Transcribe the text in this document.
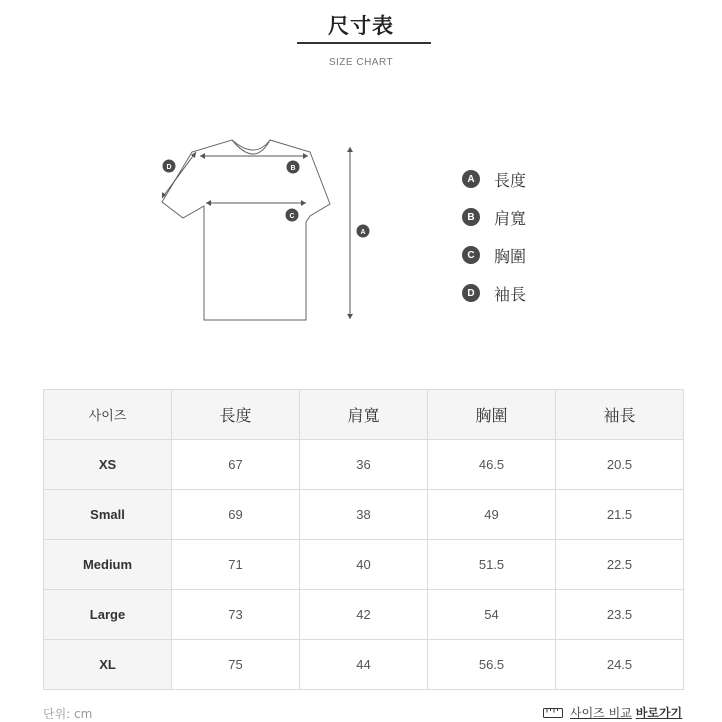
尺寸表
SIZE CHART
D	B
C
A
A	長度
B	肩寬
C	胸圍
D	袖長
사이즈	長度	肩寬	胸圍	袖長
XS	67	36	46.5	20.5
Small	69	38	49	21.5
Medium	71	40	51.5	22.5
Large	73	42	54	23.5
XL	75	44	56.5	24.5
단위: cm	사이즈 비교 바로가기
